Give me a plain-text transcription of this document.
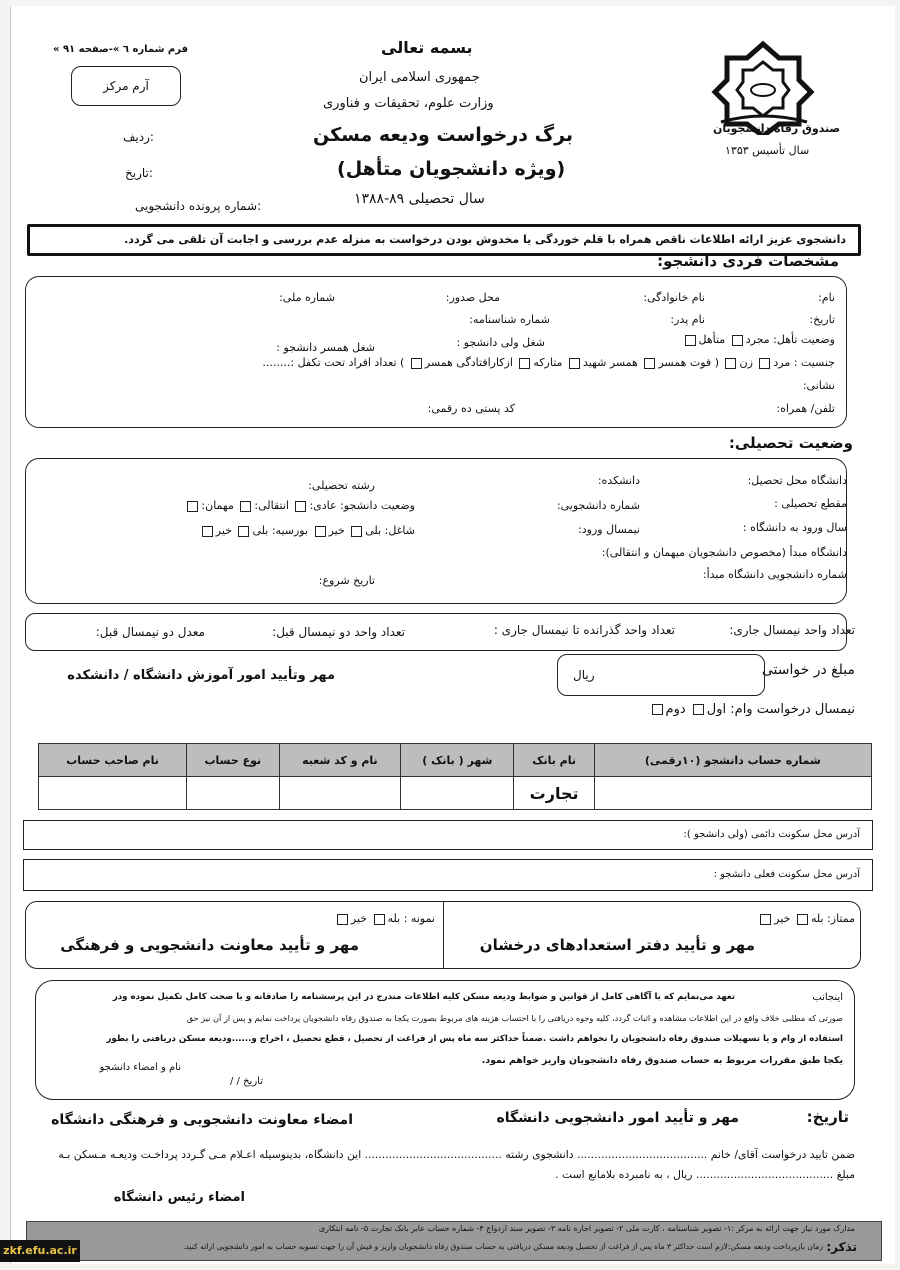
بسمه تعالی
جمهوری اسلامی ایران
وزارت علوم، تحقیقات و فناوری
برگ درخواست ودیعه مسکن
(ویژه دانشجویان متأهل)
سال تحصیلی ۸۹-۱۳۸۸
« فرم شماره ٦ »-صفحه ٩١
آرم مرکز
ردیف:
تاریخ:
شماره پرونده دانشجویی:
صندوق رفاه دانشجویان
سال تأسیس ١٣۵٣
دانشجوی عزیز ارائه اطلاعات ناقص همراه با قلم خوردگی یا مخدوش بودن درخواست به منزله عدم بررسی و اجابت آن تلقی می گردد.
مشخصات فردی دانشجو:
نام:
نام خانوادگی:
محل صدور:
شماره ملی:
تاریخ:
نام پدر:
شماره شناسنامه:
وضعیت تأهل: مجرد متأهل
شغل ولی دانشجو :
شغل همسر دانشجو :
جنسیت : مرد زن ( فوت همسر همسر شهید متارکه ازکارافتادگی همسر ) تعداد افراد تحت تکفل :........
نشانی:
تلفن/ همراه:
کد پستی ده رقمی:
وضعیت تحصیلی:
دانشگاه محل تحصیل:
دانشکده:
رشته تحصیلی:
مقطع تحصیلی :
شماره دانشجویی:
وضعیت دانشجو: عادی: انتقالی: مهمان:
سال ورود به دانشگاه :
نیمسال ورود:
شاغل: بلی خیر بورسیه: بلی خیر
دانشگاه مبدأ (مخصوص دانشجویان میهمان و انتقالی):
شماره دانشجویی دانشگاه مبدأ:
تاریخ شروع:
تعداد واحد نیمسال جاری:
تعداد واحد گذرانده تا نیمسال جاری :
تعداد واحد دو نیمسال قبل:
معدل دو نیمسال قبل:
مبلغ در خواستی
ریال
مهر وتأیید امور آموزش دانشگاه / دانشکده
نیمسال درخواست وام: اول دوم
شماره حساب دانشجو (۱۰رقمی)	نام بانک	شهر ( بانک )	نام و کد شعبه	نوع حساب	نام صاحب حساب
	تجارت				
آدرس محل سکونت دائمی (ولی دانشجو ):
آدرس محل سکونت فعلی دانشجو :
ممتاز: بله خیر
مهر و تأیید دفتر استعدادهای درخشان
نمونه : بله خیر
مهر و تأیید معاونت دانشجویی و فرهنگی
اینجانب
تعهد می‌نمایم که با آگاهی کامل از قوانین و ضوابط ودیعه مسکن کلیه اطلاعات مندرج در این پرسشنامه را صادقانه و با صحت کامل تکمیل نموده ودر
صورتی که مطلبی خلاف واقع در این اطلاعات مشاهده و اثبات گردد، کلیه وجوه دریافتی را با احتساب هزینه های مربوط بصورت یکجا به صندوق رفاه دانشجویان پرداخت نمایم و پس از آن نیز حق
استفاده از وام و یا تسهیلات صندوق رفاه دانشجویان را نخواهم داشت .ضمناً حداکثر سه ماه پس از فراغت از تحصیل ، قطع تحصیل ، اخراج و......ودیعه مسکن دریافتی را بطور
یکجا طبق مقررات مربوط به حساب صندوق رفاه دانشجویان واریز خواهم نمود.
نام و امضاء دانشجو
تاریخ / /
تاریخ:
مهر و تأیید امور دانشجویی دانشگاه
امضاء معاونت دانشجویی و فرهنگی دانشگاه
ضمن تایید درخواست آقای/ خانم ...................................... دانشجوی رشته ........................................ این دانشگاه، بدینوسیله اعـلام مـی گـردد پرداخـت ودیعـه مـسکن بـه
مبلغ ........................................ ریال ، به نامبرده بلامانع است .
امضاء رئیس دانشگاه
مدارک مورد نیاز جهت ارائه به مرکز :۱- تصویر شناسنامه ، کارت ملی ۲- تصویر اجاره نامه ۳- تصویر سند ازدواج ۴- شماره حساب عابر بانک تجارت ۵- نامه ابتکاری
تذکر:
زمان بازپرداخت ودیعه مسکن:لازم است حداکثر ۳ ماه پس از فراغت از تحصیل ودیعه مسکن دریافتی به حساب صندوق رفاه دانشجویان واریز و فیش آن را جهت تسویه حساب به امور دانشجویی ارائه کنید.
zkf.efu.ac.ir
